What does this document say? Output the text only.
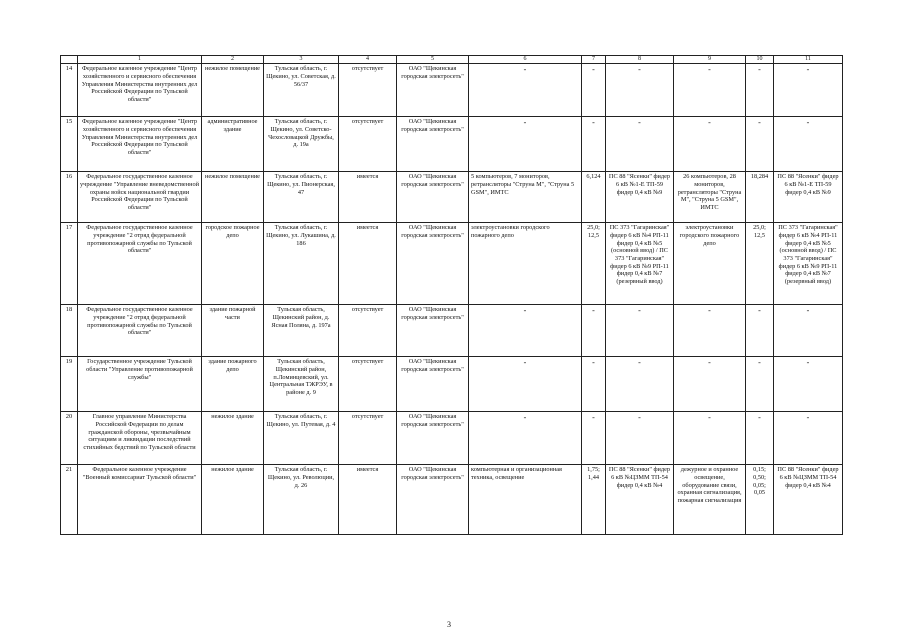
	1	2	3	4	5	6	7	8	9	10	11
14	Федеральное казенное учреждение "Центр хозяйственного и сервисного обеспечения Управления Министерства внутренних дел Российской Федерации по Тульской области"	нежилое помещение	Тульская область, г. Щекино, ул. Советская, д. 56/37	отсутствует	ОАО "Щекинская городская электросеть"	-	-	-	-	-	-
15	Федеральное казенное учреждение "Центр хозяйственного и сервисного обеспечения Управления Министерства внутренних дел Российской Федерации по Тульской области"	административное здание	Тульская область, г. Щекино, ул. Советско-Чехословацкой Дружбы, д. 19а	отсутствует	ОАО "Щекинская городская электросеть"	-	-	-	-	-	-
16	Федеральное государственное казенное учреждение "Управление вневедомственной охраны войск национальной гвардии Российской Федерации по Тульской области"	нежилое помещение	Тульская область, г. Щекино, ул. Пионерская, 47	имеется	ОАО "Щекинская городская электросеть"	5 компьютеров, 7 мониторов, ретрансляторы "Струна М", "Струна 5 GSM", ИМТС	6,124	ПС 88 "Ясенки" фидер 6 кВ №1-Е ТП-59 фидер 0,4 кВ №9	26 компьютеров, 28 мониторов, ретрансляторы "Струна М", "Струна 5 GSM", ИМТС	18,284	ПС 88 "Ясенки" фидер 6 кВ №1-Е ТП-59 фидер 0,4 кВ №9
17	Федеральное государственное казенное учреждение "2 отряд федеральной противопожарной службы по Тульской области"	городское пожарное депо	Тульская область, г. Щекино, ул. Лукашина, д. 186	имеется	ОАО "Щекинская городская электросеть"	электроустановки городского пожарного депо	25,0; 12,5	ПС 373 "Гагаринская" фидер 6 кВ №4 РП-11 фидер 0,4 кВ №5 (основной ввод) / ПС 373 "Гагаринская" фидер 6 кВ №9 РП-11 фидер 0,4 кВ №7 (резервный ввод)	электроустановки городского пожарного депо	25,0; 12,5	ПС 373 "Гагаринская" фидер 6 кВ №4 РП-11 фидер 0,4 кВ №5 (основной ввод) / ПС 373 "Гагаринская" фидер 6 кВ №9 РП-11 фидер 0,4 кВ №7 (резервный ввод)
18	Федеральное государственное казенное учреждение "2 отряд федеральной противопожарной службы по Тульской области"	здание пожарной части	Тульская область, Щекинский район, д. Ясная Поляна, д. 197а	отсутствует	ОАО "Щекинская городская электросеть"	-	-	-	-	-	-
19	Государственное учреждение Тульской области "Управление противопожарной службы"	здание пожарного депо	Тульская область, Щекинский район, п.Ломинцевский, ул. Центральная ТЖРЭУ, в районе д. 9	отсутствует	ОАО "Щекинская городская электросеть"	-	-	-	-	-	-
20	Главное управление Министерства Российской Федерации по делам гражданской обороны, чрезвычайным ситуациям и ликвидации последствий стихийных бедствий по Тульской области	нежилое здание	Тульская область, г. Щекино, ул. Путевая, д. 4	отсутствует	ОАО "Щекинская городская электросеть"	-	-	-	-	-	-
21	Федеральное казенное учреждение "Военный комиссариат Тульской области"	нежилое здание	Тульская область, г. Щекино, ул. Революции, д. 26	имеется	ОАО "Щекинская городская электросеть"	компьютерная и организационная техника, освещение	1,75; 1,44	ПС 88 "Ясенки" фидер 6 кВ №ЦЗММ ТП-54 фидер 0,4 кВ №4	дежурное и охранное освещение, оборудование связи, охранная сигнализация, пожарная сигнализация	0,15; 0,50; 0,05; 0,05	ПС 88 "Ясенки" фидер 6 кВ №ЦЗММ ТП-54 фидер 0,4 кВ №4
3
